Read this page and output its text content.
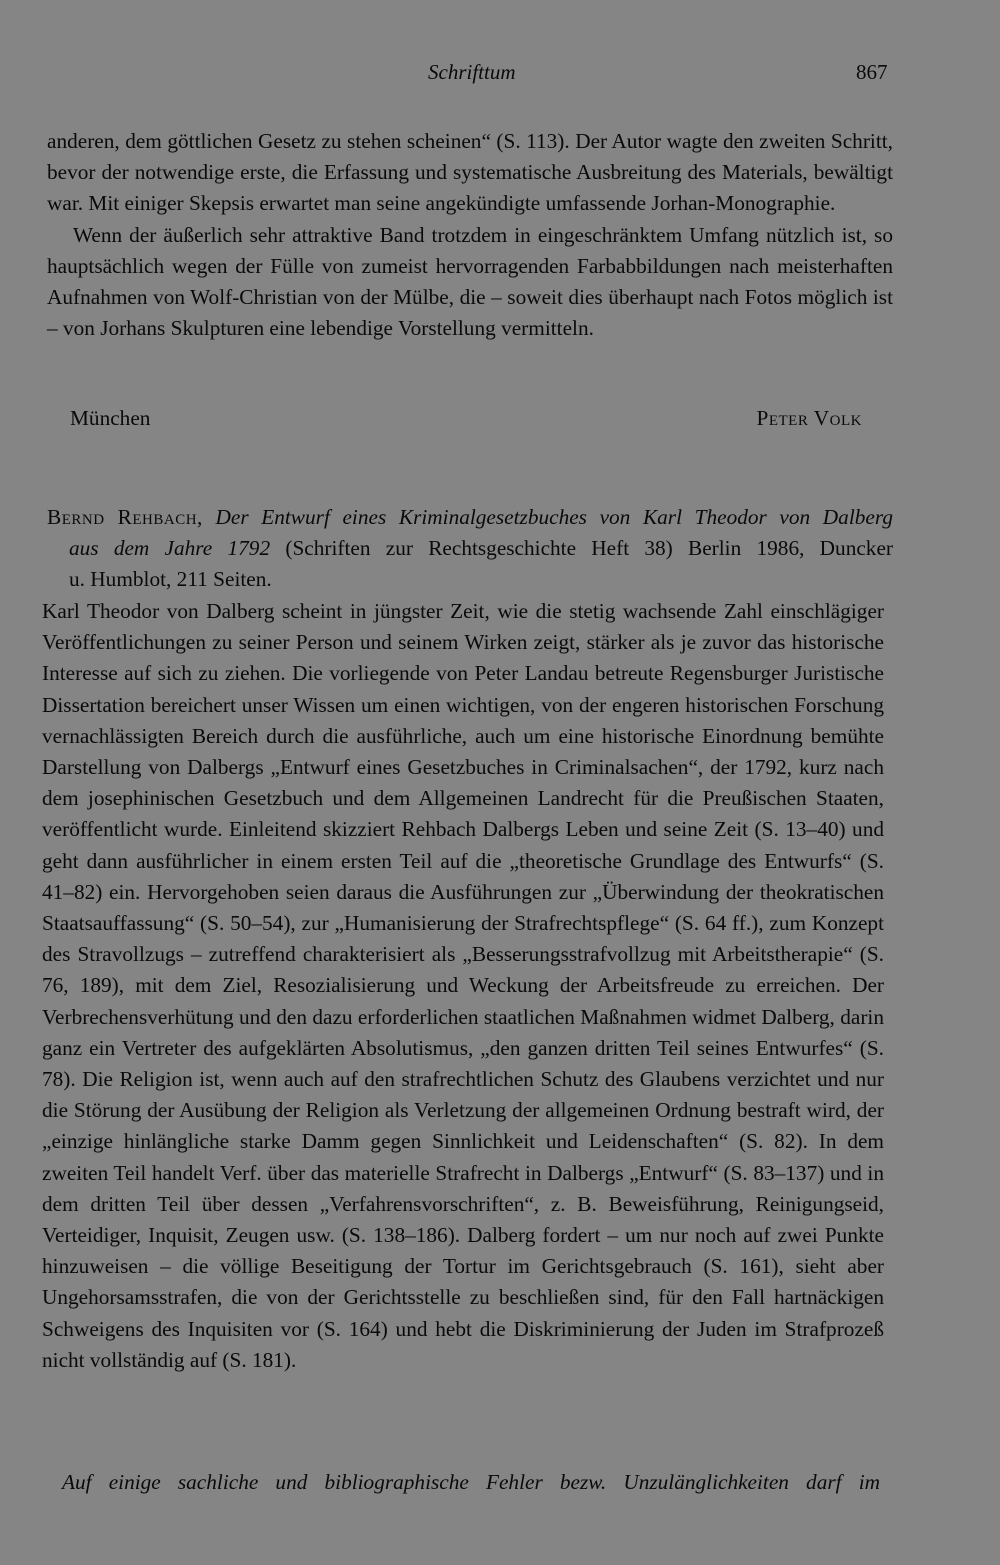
Schrifttum	867

anderen, dem göttlichen Gesetz zu stehen scheinen“ (S. 113). Der Autor wagte den zweiten Schritt, bevor der notwendige erste, die Erfassung und systematische Ausbreitung des Materials, bewältigt war. Mit einiger Skepsis erwartet man seine angekündigte umfassende Jorhan-Monographie.

Wenn der äußerlich sehr attraktive Band trotzdem in eingeschränktem Umfang nützlich ist, so hauptsächlich wegen der Fülle von zumeist hervorragenden Farbabbildungen nach meisterhaften Aufnahmen von Wolf-Christian von der Mülbe, die – soweit dies überhaupt nach Fotos möglich ist – von Jorhans Skulpturen eine lebendige Vorstellung vermitteln.

München	Peter Volk
Bernd Rehbach, Der Entwurf eines Kriminalgesetzbuches von Karl Theodor von Dalberg
aus dem Jahre 1792 (Schriften zur Rechtsgeschichte Heft 38) Berlin 1986, Duncker
u. Humblot, 211 Seiten.

Karl Theodor von Dalberg scheint in jüngster Zeit, wie die stetig wachsende Zahl einschlägiger Veröffentlichungen zu seiner Person und seinem Wirken zeigt, stärker als je zuvor das historische Interesse auf sich zu ziehen. Die vorliegende von Peter Landau betreute Regensburger Juristische Dissertation bereichert unser Wissen um einen wichtigen, von der engeren historischen Forschung vernachlässigten Bereich durch die ausführliche, auch um eine historische Einordnung bemühte Darstellung von Dalbergs „Entwurf eines Gesetzbuches in Criminalsachen“, der 1792, kurz nach dem josephinischen Gesetzbuch und dem Allgemeinen Landrecht für die Preußischen Staaten, veröffentlicht wurde. Einleitend skizziert Rehbach Dalbergs Leben und seine Zeit (S. 13–40) und geht dann ausführlicher in einem ersten Teil auf die „theoretische Grundlage des Entwurfs“ (S. 41–82) ein. Hervorgehoben seien daraus die Ausführungen zur „Überwindung der theokratischen Staatsauffassung“ (S. 50–54), zur „Humanisierung der Strafrechtspflege“ (S. 64 ff.), zum Konzept des Stravollzugs – zutreffend charakterisiert als „Besserungsstrafvollzug mit Arbeitstherapie“ (S. 76, 189), mit dem Ziel, Resozialisierung und Weckung der Arbeitsfreude zu erreichen. Der Verbrechensverhütung und den dazu erforderlichen staatlichen Maßnahmen widmet Dalberg, darin ganz ein Vertreter des aufgeklärten Absolutismus, „den ganzen dritten Teil seines Entwurfes“ (S. 78). Die Religion ist, wenn auch auf den strafrechtlichen Schutz des Glaubens verzichtet und nur die Störung der Ausübung der Religion als Verletzung der allgemeinen Ordnung bestraft wird, der „einzige hinlängliche starke Damm gegen Sinnlichkeit und Leidenschaften“ (S. 82). In dem zweiten Teil handelt Verf. über das materielle Strafrecht in Dalbergs „Entwurf“ (S. 83–137) und in dem dritten Teil über dessen „Verfahrensvorschriften“, z. B. Beweisführung, Reinigungseid, Verteidiger, Inquisit, Zeugen usw. (S. 138–186). Dalberg fordert – um nur noch auf zwei Punkte hinzuweisen – die völlige Beseitigung der Tortur im Gerichtsgebrauch (S. 161), sieht aber Ungehorsamsstrafen, die von der Gerichtsstelle zu beschließen sind, für den Fall hartnäckigen Schweigens des Inquisiten vor (S. 164) und hebt die Diskriminierung der Juden im Strafprozeß nicht vollständig auf (S. 181).

Auf einige sachliche und bibliographische Fehler bezw. Unzulänglichkeiten darf im
